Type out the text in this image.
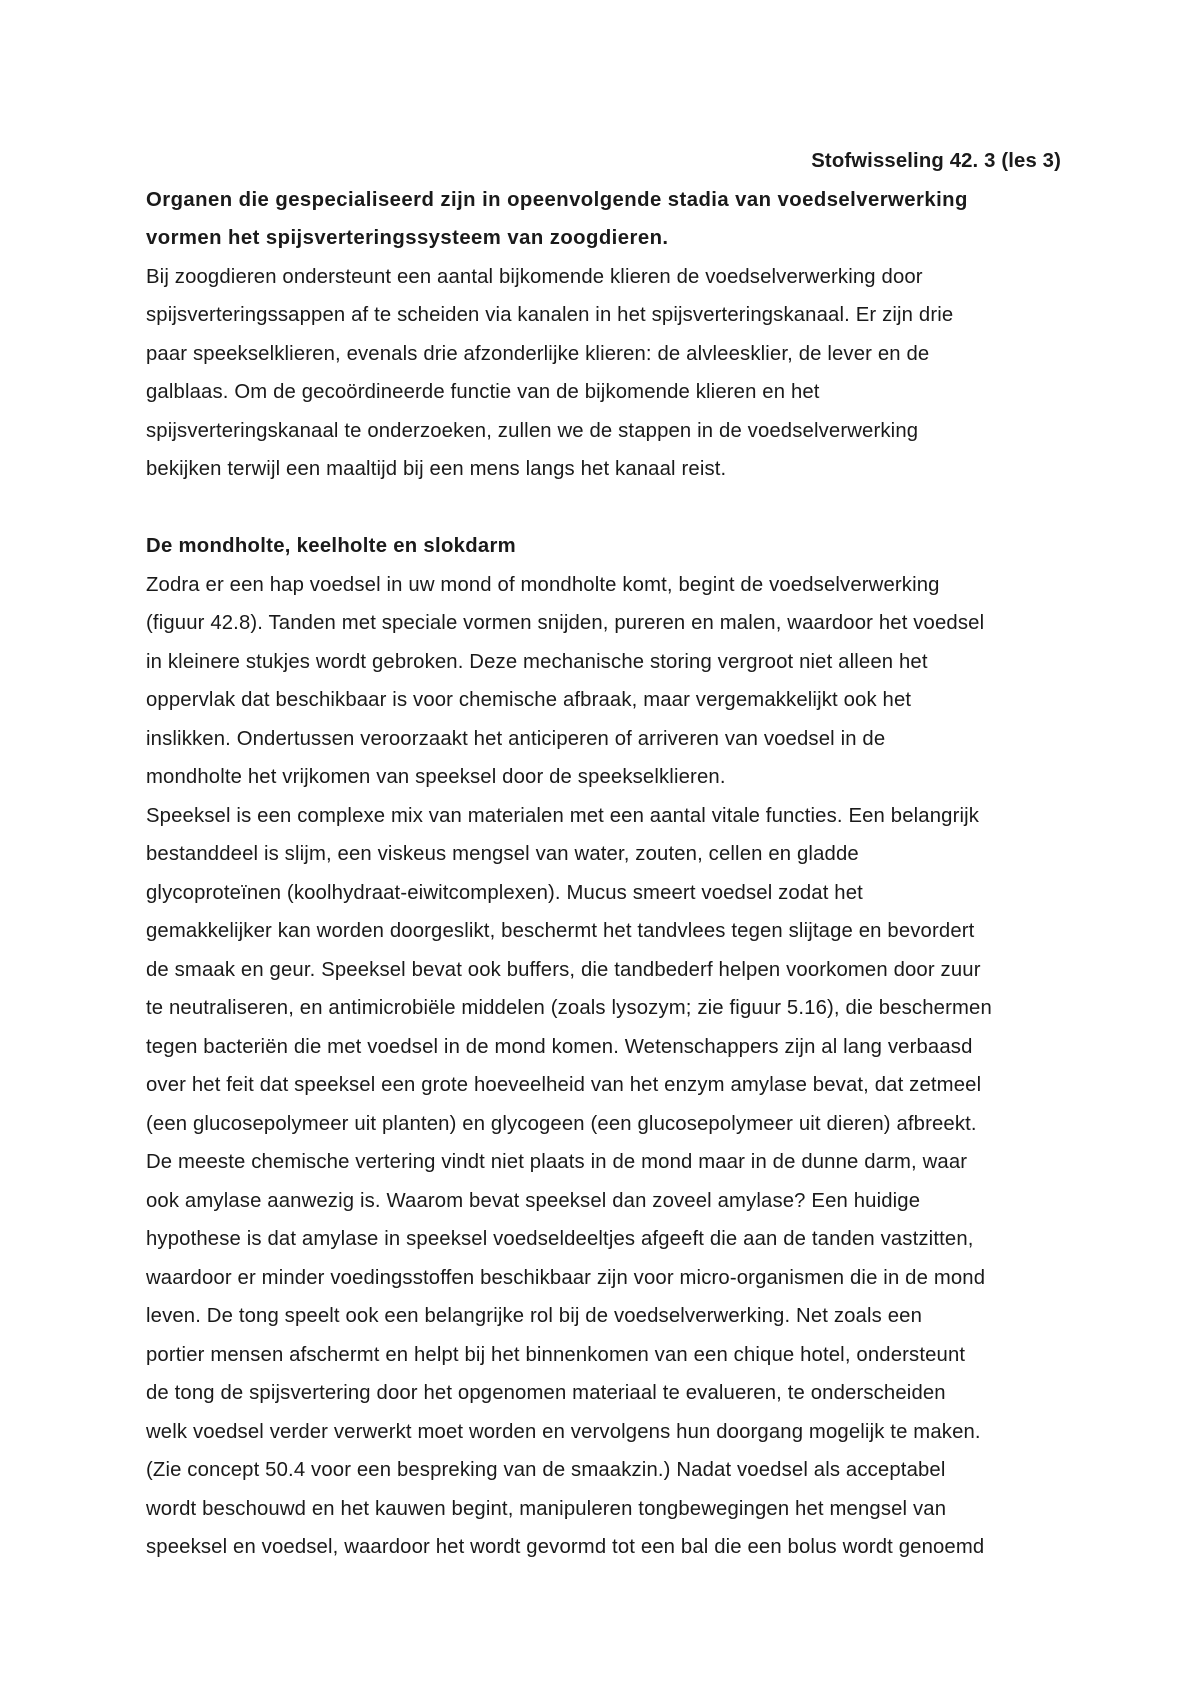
Stofwisseling 42. 3 (les 3)
Organen die gespecialiseerd zijn in opeenvolgende stadia van voedselverwerking
vormen het spijsverteringssysteem van zoogdieren.
Bij zoogdieren ondersteunt een aantal bijkomende klieren de voedselverwerking door
spijsverteringssappen af te scheiden via kanalen in het spijsverteringskanaal. Er zijn drie
paar speekselklieren, evenals drie afzonderlijke klieren: de alvleesklier, de lever en de
galblaas. Om de gecoördineerde functie van de bijkomende klieren en het
spijsverteringskanaal te onderzoeken, zullen we de stappen in de voedselverwerking
bekijken terwijl een maaltijd bij een mens langs het kanaal reist.
De mondholte, keelholte en slokdarm
Zodra er een hap voedsel in uw mond of mondholte komt, begint de voedselverwerking
(figuur 42.8). Tanden met speciale vormen snijden, pureren en malen, waardoor het voedsel
in kleinere stukjes wordt gebroken. Deze mechanische storing vergroot niet alleen het
oppervlak dat beschikbaar is voor chemische afbraak, maar vergemakkelijkt ook het
inslikken. Ondertussen veroorzaakt het anticiperen of arriveren van voedsel in de
mondholte het vrijkomen van speeksel door de speekselklieren.
Speeksel is een complexe mix van materialen met een aantal vitale functies. Een belangrijk
bestanddeel is slijm, een viskeus mengsel van water, zouten, cellen en gladde
glycoproteïnen (koolhydraat-eiwitcomplexen). Mucus smeert voedsel zodat het
gemakkelijker kan worden doorgeslikt, beschermt het tandvlees tegen slijtage en bevordert
de smaak en geur. Speeksel bevat ook buffers, die tandbederf helpen voorkomen door zuur
te neutraliseren, en antimicrobiële middelen (zoals lysozym; zie figuur 5.16), die beschermen
tegen bacteriën die met voedsel in de mond komen. Wetenschappers zijn al lang verbaasd
over het feit dat speeksel een grote hoeveelheid van het enzym amylase bevat, dat zetmeel
(een glucosepolymeer uit planten) en glycogeen (een glucosepolymeer uit dieren) afbreekt.
De meeste chemische vertering vindt niet plaats in de mond maar in de dunne darm, waar
ook amylase aanwezig is. Waarom bevat speeksel dan zoveel amylase? Een huidige
hypothese is dat amylase in speeksel voedseldeeltjes afgeeft die aan de tanden vastzitten,
waardoor er minder voedingsstoffen beschikbaar zijn voor micro-organismen die in de mond
leven. De tong speelt ook een belangrijke rol bij de voedselverwerking. Net zoals een
portier mensen afschermt en helpt bij het binnenkomen van een chique hotel, ondersteunt
de tong de spijsvertering door het opgenomen materiaal te evalueren, te onderscheiden
welk voedsel verder verwerkt moet worden en vervolgens hun doorgang mogelijk te maken.
(Zie concept 50.4 voor een bespreking van de smaakzin.) Nadat voedsel als acceptabel
wordt beschouwd en het kauwen begint, manipuleren tongbewegingen het mengsel van
speeksel en voedsel, waardoor het wordt gevormd tot een bal die een bolus wordt genoemd
